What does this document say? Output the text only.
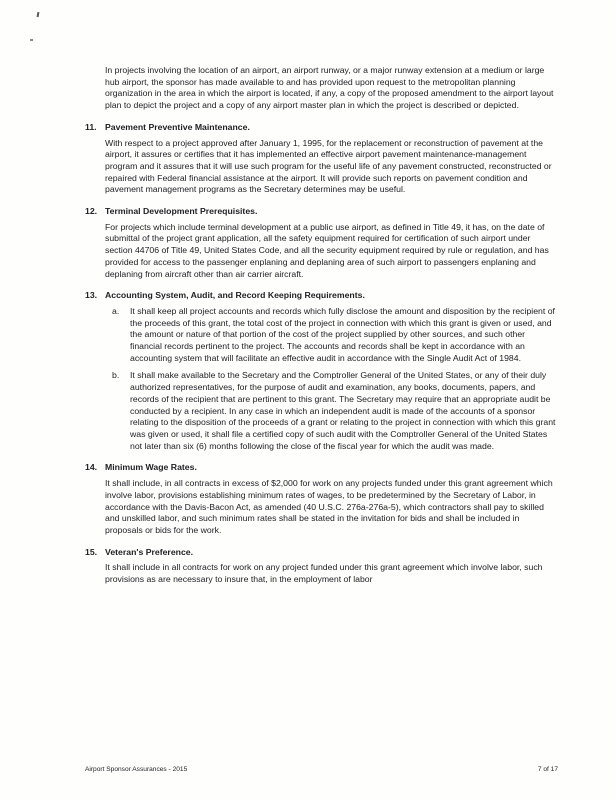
In projects involving the location of an airport, an airport runway, or a major runway extension at a medium or large hub airport, the sponsor has made available to and has provided upon request to the metropolitan planning organization in the area in which the airport is located, if any, a copy of the proposed amendment to the airport layout plan to depict the project and a copy of any airport master plan in which the project is described or depicted.

11. Pavement Preventive Maintenance.

With respect to a project approved after January 1, 1995, for the replacement or reconstruction of pavement at the airport, it assures or certifies that it has implemented an effective airport pavement maintenance-management program and it assures that it will use such program for the useful life of any pavement constructed, reconstructed or repaired with Federal financial assistance at the airport. It will provide such reports on pavement condition and pavement management programs as the Secretary determines may be useful.

12. Terminal Development Prerequisites.

For projects which include terminal development at a public use airport, as defined in Title 49, it has, on the date of submittal of the project grant application, all the safety equipment required for certification of such airport under section 44706 of Title 49, United States Code, and all the security equipment required by rule or regulation, and has provided for access to the passenger enplaning and deplaning area of such airport to passengers enplaning and deplaning from aircraft other than air carrier aircraft.

13. Accounting System, Audit, and Record Keeping Requirements.
a.	It shall keep all project accounts and records which fully disclose the amount and disposition by the recipient of the proceeds of this grant, the total cost of the project in connection with which this grant is given or used, and the amount or nature of that portion of the cost of the project supplied by other sources, and such other financial records pertinent to the project. The accounts and records shall be kept in accordance with an accounting system that will facilitate an effective audit in accordance with the Single Audit Act of 1984.
b.	It shall make available to the Secretary and the Comptroller General of the United States, or any of their duly authorized representatives, for the purpose of audit and examination, any books, documents, papers, and records of the recipient that are pertinent to this grant. The Secretary may require that an appropriate audit be conducted by a recipient. In any case in which an independent audit is made of the accounts of a sponsor relating to the disposition of the proceeds of a grant or relating to the project in connection with which this grant was given or used, it shall file a certified copy of such audit with the Comptroller General of the United States not later than six (6) months following the close of the fiscal year for which the audit was made.
14. Minimum Wage Rates.

It shall include, in all contracts in excess of $2,000 for work on any projects funded under this grant agreement which involve labor, provisions establishing minimum rates of wages, to be predetermined by the Secretary of Labor, in accordance with the Davis-Bacon Act, as amended (40 U.S.C. 276a-276a-5), which contractors shall pay to skilled and unskilled labor, and such minimum rates shall be stated in the invitation for bids and shall be included in proposals or bids for the work.

15. Veteran's Preference.

It shall include in all contracts for work on any project funded under this grant agreement which involve labor, such provisions as are necessary to insure that, in the employment of labor

Airport Sponsor Assurances - 2015	7 of 17
